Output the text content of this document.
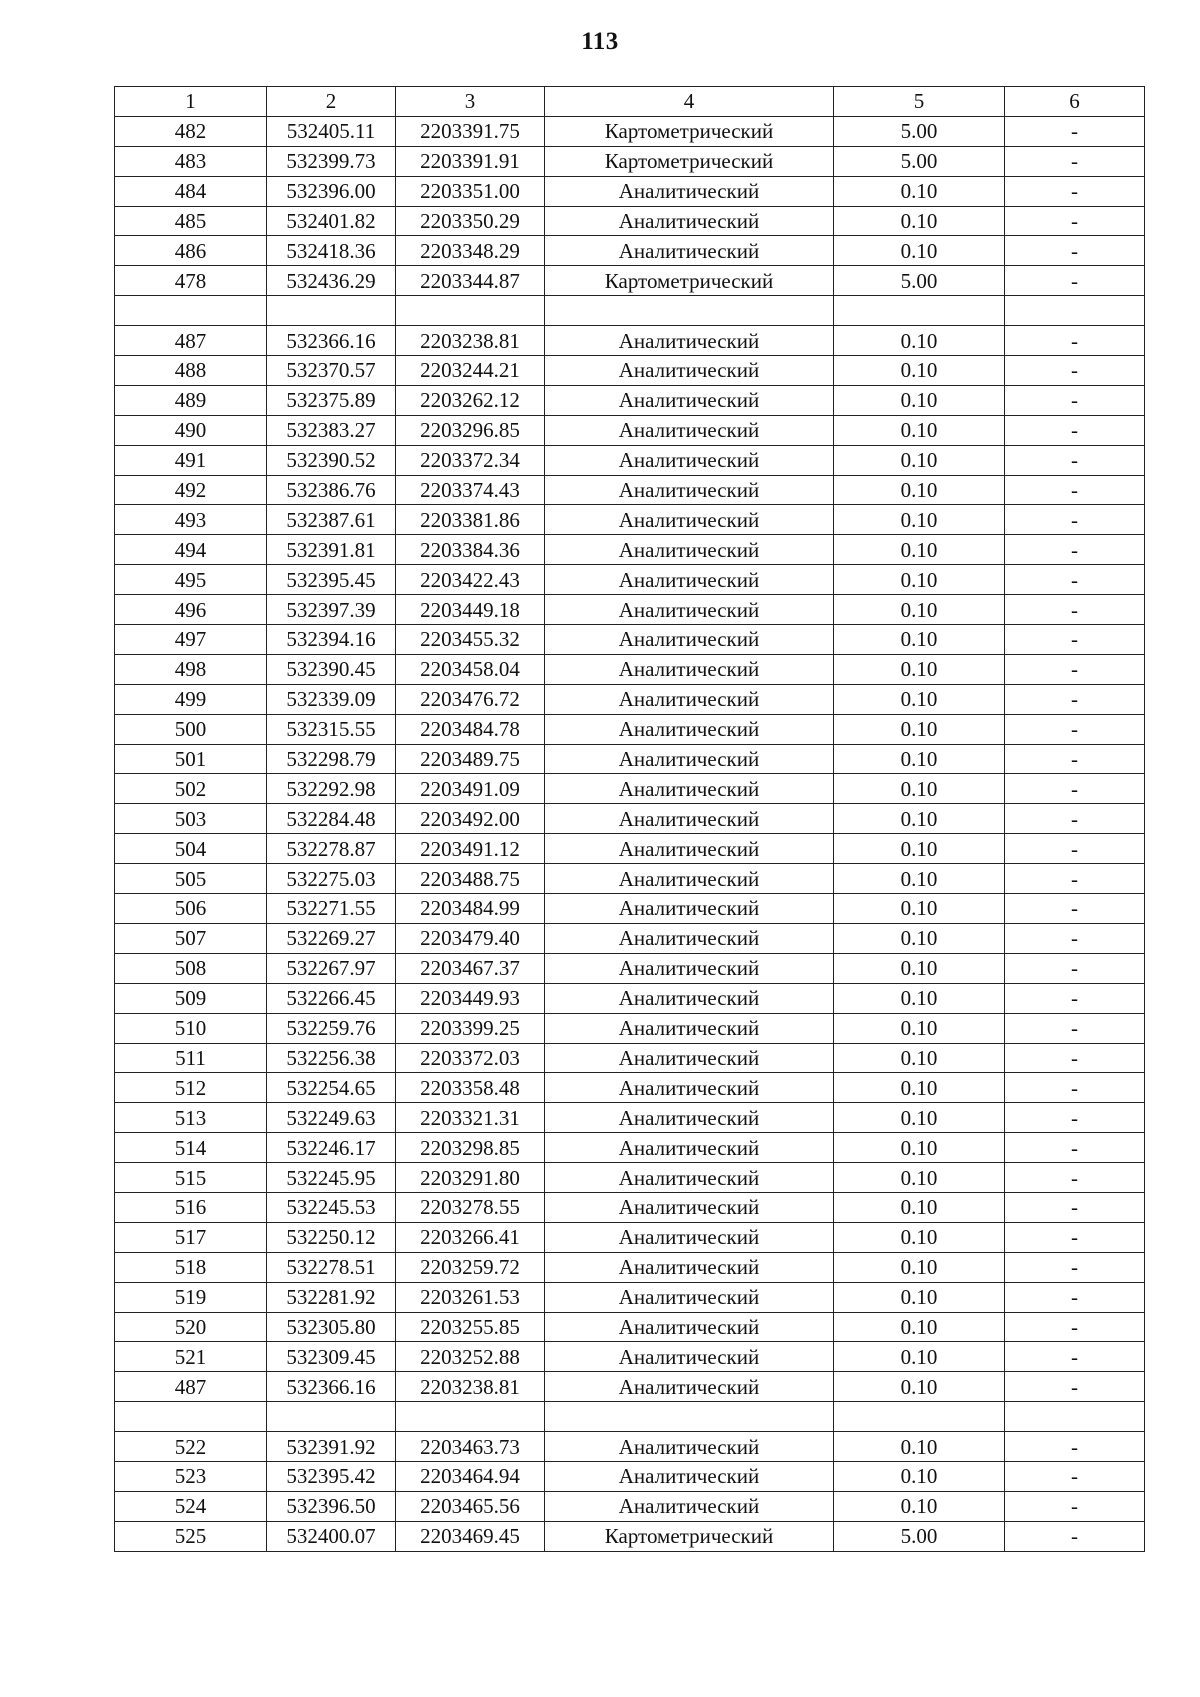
113
1	2	3	4	5	6
482	532405.11	2203391.75	Картометрический	5.00	-
483	532399.73	2203391.91	Картометрический	5.00	-
484	532396.00	2203351.00	Аналитический	0.10	-
485	532401.82	2203350.29	Аналитический	0.10	-
486	532418.36	2203348.29	Аналитический	0.10	-
478	532436.29	2203344.87	Картометрический	5.00	-

487	532366.16	2203238.81	Аналитический	0.10	-
488	532370.57	2203244.21	Аналитический	0.10	-
489	532375.89	2203262.12	Аналитический	0.10	-
490	532383.27	2203296.85	Аналитический	0.10	-
491	532390.52	2203372.34	Аналитический	0.10	-
492	532386.76	2203374.43	Аналитический	0.10	-
493	532387.61	2203381.86	Аналитический	0.10	-
494	532391.81	2203384.36	Аналитический	0.10	-
495	532395.45	2203422.43	Аналитический	0.10	-
496	532397.39	2203449.18	Аналитический	0.10	-
497	532394.16	2203455.32	Аналитический	0.10	-
498	532390.45	2203458.04	Аналитический	0.10	-
499	532339.09	2203476.72	Аналитический	0.10	-
500	532315.55	2203484.78	Аналитический	0.10	-
501	532298.79	2203489.75	Аналитический	0.10	-
502	532292.98	2203491.09	Аналитический	0.10	-
503	532284.48	2203492.00	Аналитический	0.10	-
504	532278.87	2203491.12	Аналитический	0.10	-
505	532275.03	2203488.75	Аналитический	0.10	-
506	532271.55	2203484.99	Аналитический	0.10	-
507	532269.27	2203479.40	Аналитический	0.10	-
508	532267.97	2203467.37	Аналитический	0.10	-
509	532266.45	2203449.93	Аналитический	0.10	-
510	532259.76	2203399.25	Аналитический	0.10	-
511	532256.38	2203372.03	Аналитический	0.10	-
512	532254.65	2203358.48	Аналитический	0.10	-
513	532249.63	2203321.31	Аналитический	0.10	-
514	532246.17	2203298.85	Аналитический	0.10	-
515	532245.95	2203291.80	Аналитический	0.10	-
516	532245.53	2203278.55	Аналитический	0.10	-
517	532250.12	2203266.41	Аналитический	0.10	-
518	532278.51	2203259.72	Аналитический	0.10	-
519	532281.92	2203261.53	Аналитический	0.10	-
520	532305.80	2203255.85	Аналитический	0.10	-
521	532309.45	2203252.88	Аналитический	0.10	-
487	532366.16	2203238.81	Аналитический	0.10	-

522	532391.92	2203463.73	Аналитический	0.10	-
523	532395.42	2203464.94	Аналитический	0.10	-
524	532396.50	2203465.56	Аналитический	0.10	-
525	532400.07	2203469.45	Картометрический	5.00	-
